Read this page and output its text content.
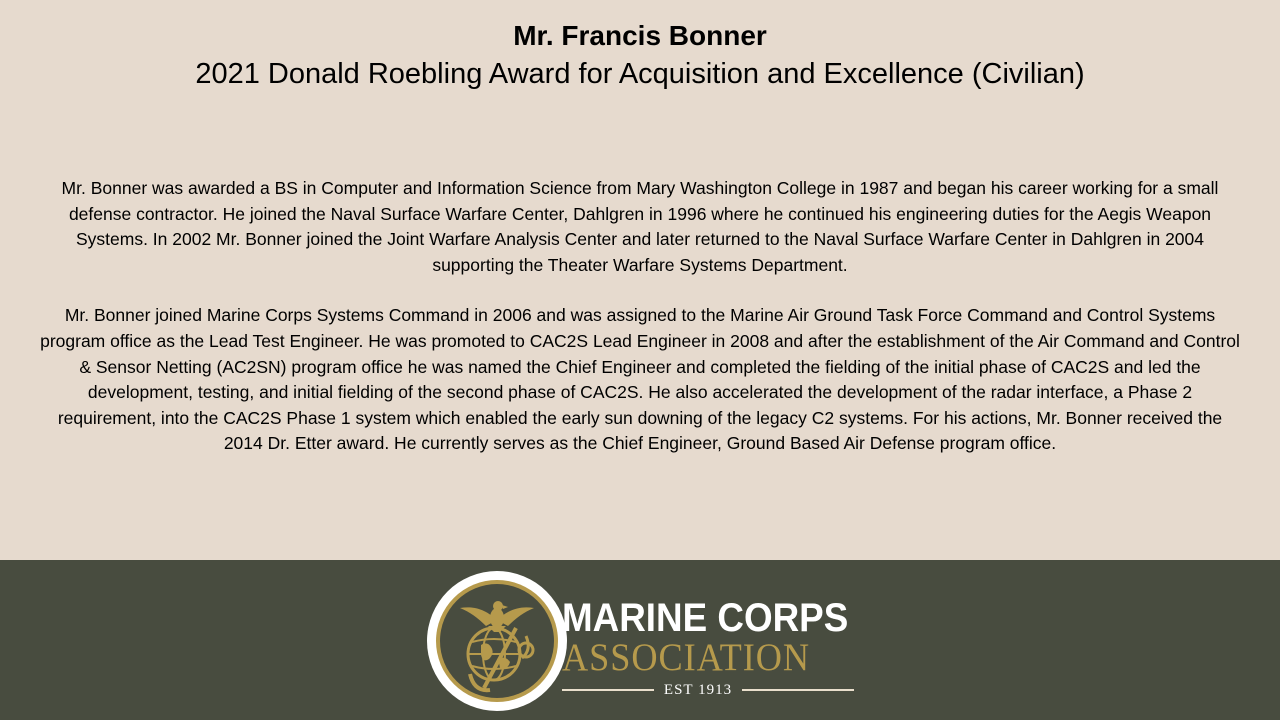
Mr. Francis Bonner
2021 Donald Roebling Award for Acquisition and Excellence (Civilian)

Mr. Bonner was awarded a BS in Computer and Information Science from Mary Washington College in 1987 and began his career working for a small defense contractor. He joined the Naval Surface Warfare Center, Dahlgren in 1996 where he continued his engineering duties for the Aegis Weapon Systems. In 2002 Mr. Bonner joined the Joint Warfare Analysis Center and later returned to the Naval Surface Warfare Center in Dahlgren in 2004 supporting the Theater Warfare Systems Department.

Mr. Bonner joined Marine Corps Systems Command in 2006 and was assigned to the Marine Air Ground Task Force Command and Control Systems program office as the Lead Test Engineer. He was promoted to CAC2S Lead Engineer in 2008 and after the establishment of the Air Command and Control & Sensor Netting (AC2SN) program office he was named the Chief Engineer and completed the fielding of the initial phase of CAC2S and led the development, testing, and initial fielding of the second phase of CAC2S. He also accelerated the development of the radar interface, a Phase 2 requirement, into the CAC2S Phase 1 system which enabled the early sun downing of the legacy C2 systems. For his actions, Mr. Bonner received the 2014 Dr. Etter award. He currently serves as the Chief Engineer, Ground Based Air Defense program office.

MARINE CORPS
ASSOCIATION
EST 1913
